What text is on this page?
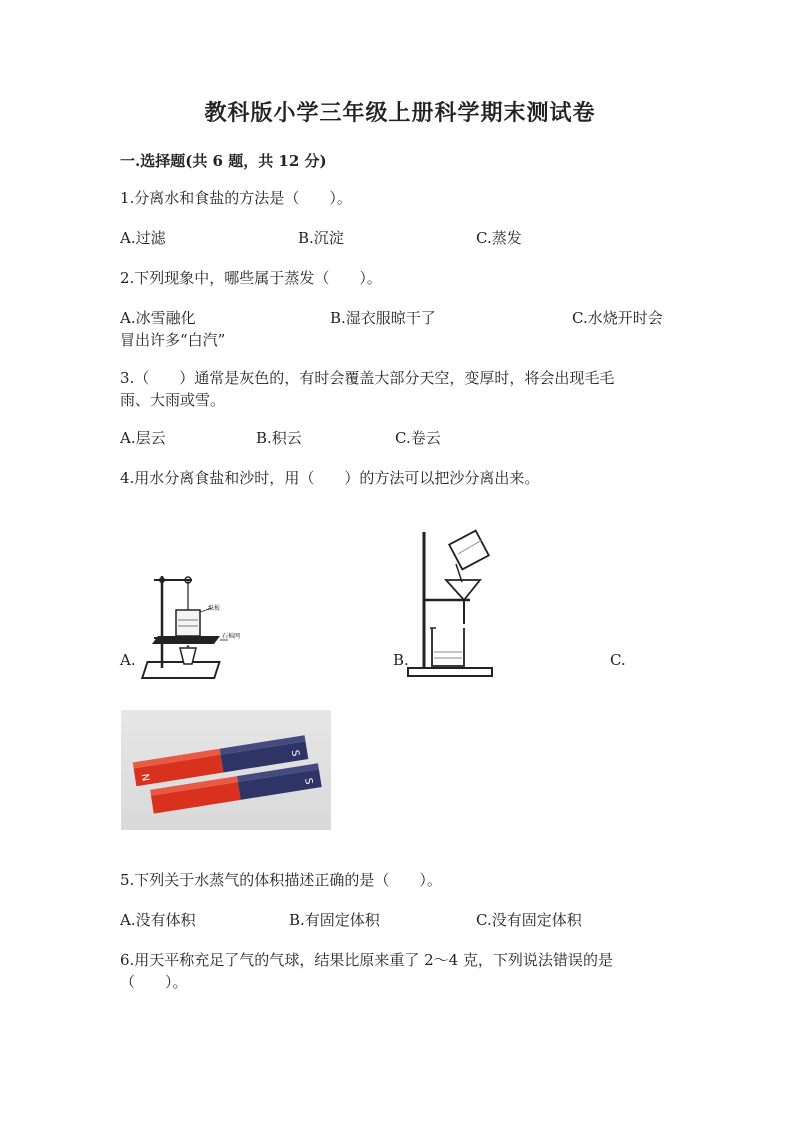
教科版小学三年级上册科学期末测试卷
一.选择题(共 6 题，共 12 分)
1.分离水和食盐的方法是（　　）。
A.过滤	B.沉淀	C.蒸发
2.下列现象中，哪些属于蒸发（　　）。
A.冰雪融化	B.湿衣服晾干了	C.水烧开时会
冒出许多“白汽”
3.（　　）通常是灰色的，有时会覆盖大部分天空，变厚时，将会出现毛毛
雨、大雨或雪。
A.层云	B.积云	C.卷云
4.用水分离食盐和沙时，用（　　）的方法可以把沙分离出来。
A.
纸板
石棉网
B.	C.
S
N	S
5.下列关于水蒸气的体积描述正确的是（　　）。
A.没有体积	B.有固定体积	C.没有固定体积
6.用天平称充足了气的气球，结果比原来重了 2～4 克，下列说法错误的是
（　　）。
